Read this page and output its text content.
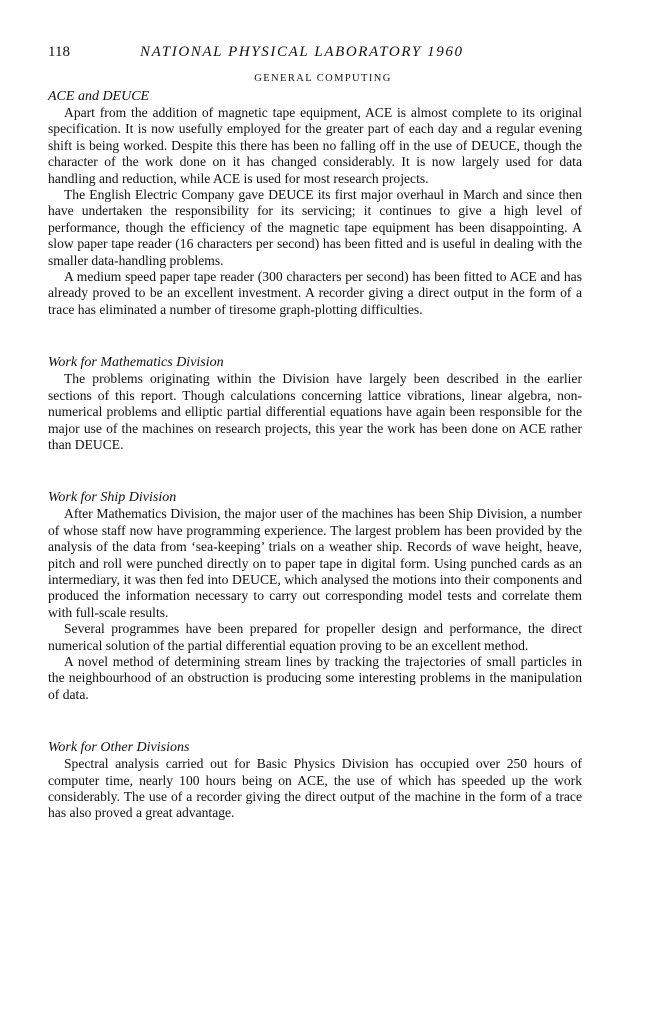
118	NATIONAL PHYSICAL LABORATORY 1960
GENERAL COMPUTING
ACE and DEUCE

Apart from the addition of magnetic tape equipment, ACE is almost complete to its original specification. It is now usefully employed for the greater part of each day and a regular evening shift is being worked. Despite this there has been no falling off in the use of DEUCE, though the character of the work done on it has changed considerably. It is now largely used for data handling and reduction, while ACE is used for most research projects.

The English Electric Company gave DEUCE its first major overhaul in March and since then have undertaken the responsibility for its servicing; it continues to give a high level of performance, though the efficiency of the magnetic tape equipment has been disappointing. A slow paper tape reader (16 characters per second) has been fitted and is useful in dealing with the smaller data-handling problems.

A medium speed paper tape reader (300 characters per second) has been fitted to ACE and has already proved to be an excellent investment. A recorder giving a direct output in the form of a trace has eliminated a number of tiresome graph-plotting difficulties.

Work for Mathematics Division

The problems originating within the Division have largely been described in the earlier sections of this report. Though calculations concerning lattice vibrations, linear algebra, non-numerical problems and elliptic partial differential equations have again been responsible for the major use of the machines on research projects, this year the work has been done on ACE rather than DEUCE.

Work for Ship Division

After Mathematics Division, the major user of the machines has been Ship Division, a number of whose staff now have programming experience. The largest problem has been provided by the analysis of the data from ‘sea-keeping’ trials on a weather ship. Records of wave height, heave, pitch and roll were punched directly on to paper tape in digital form. Using punched cards as an intermediary, it was then fed into DEUCE, which analysed the motions into their components and produced the information necessary to carry out corresponding model tests and correlate them with full-scale results.

Several programmes have been prepared for propeller design and performance, the direct numerical solution of the partial differential equation proving to be an excellent method.

A novel method of determining stream lines by tracking the trajectories of small particles in the neighbourhood of an obstruction is producing some interesting problems in the manipulation of data.

Work for Other Divisions

Spectral analysis carried out for Basic Physics Division has occupied over 250 hours of computer time, nearly 100 hours being on ACE, the use of which has speeded up the work considerably. The use of a recorder giving the direct output of the machine in the form of a trace has also proved a great advantage.
